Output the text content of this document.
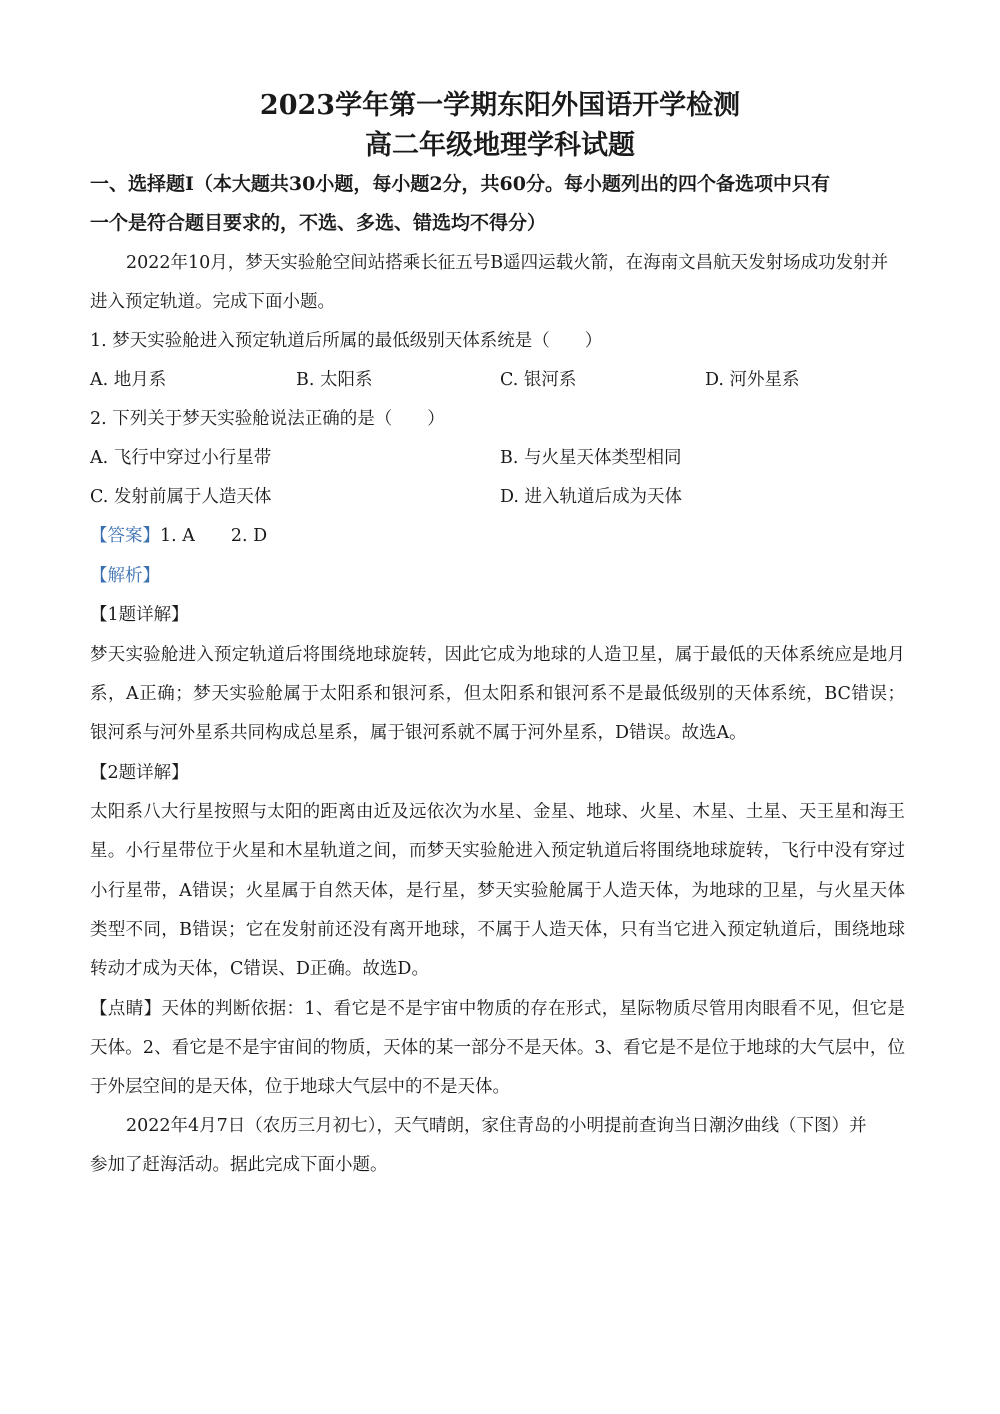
2023学年第一学期东阳外国语开学检测
高二年级地理学科试题
一、选择题Ⅰ（本大题共30小题，每小题2分，共60分。每小题列出的四个备选项中只有
一个是符合题目要求的，不选、多选、错选均不得分）
2022年10月，梦天实验舱空间站搭乘长征五号B遥四运载火箭，在海南文昌航天发射场成功发射并
进入预定轨道。完成下面小题。
1. 梦天实验舱进入预定轨道后所属的最低级别天体系统是（　　）
A. 地月系	B. 太阳系	C. 银河系	D. 河外星系
2. 下列关于梦天实验舱说法正确的是（　　）
A. 飞行中穿过小行星带	B. 与火星天体类型相同
C. 发射前属于人造天体	D. 进入轨道后成为天体
【答案】1. A 2. D
【解析】
【1题详解】
梦天实验舱进入预定轨道后将围绕地球旋转，因此它成为地球的人造卫星，属于最低的天体系统应是地月
系，A正确；梦天实验舱属于太阳系和银河系，但太阳系和银河系不是最低级别的天体系统，BC错误；
银河系与河外星系共同构成总星系，属于银河系就不属于河外星系，D错误。故选A。
【2题详解】
太阳系八大行星按照与太阳的距离由近及远依次为水星、金星、地球、火星、木星、土星、天王星和海王
星。小行星带位于火星和木星轨道之间，而梦天实验舱进入预定轨道后将围绕地球旋转，飞行中没有穿过
小行星带，A错误；火星属于自然天体，是行星，梦天实验舱属于人造天体，为地球的卫星，与火星天体
类型不同，B错误；它在发射前还没有离开地球，不属于人造天体，只有当它进入预定轨道后，围绕地球
转动才成为天体，C错误、D正确。故选D。
【点睛】天体的判断依据：1、看它是不是宇宙中物质的存在形式，星际物质尽管用肉眼看不见，但它是
天体。2、看它是不是宇宙间的物质，天体的某一部分不是天体。3、看它是不是位于地球的大气层中，位
于外层空间的是天体，位于地球大气层中的不是天体。
2022年4月7日（农历三月初七），天气晴朗，家住青岛的小明提前查询当日潮汐曲线（下图）并
参加了赶海活动。据此完成下面小题。
